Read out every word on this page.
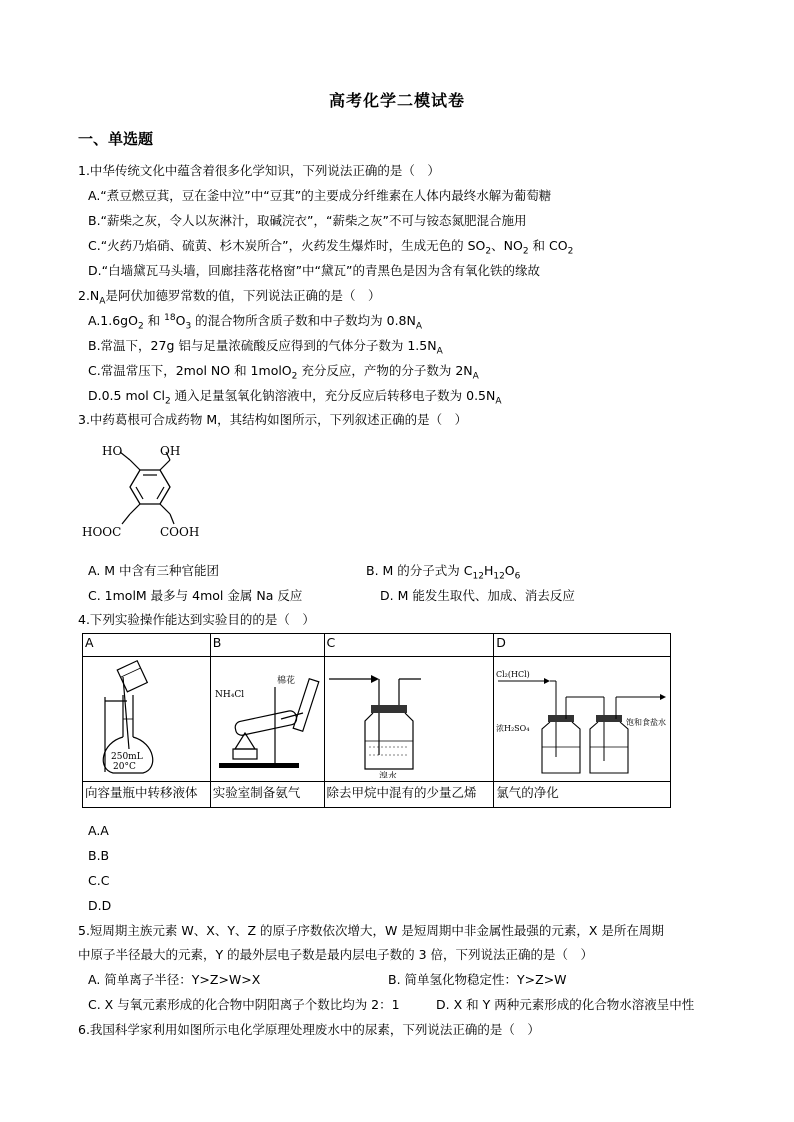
高考化学二模试卷
一、单选题
1.中华传统文化中蕴含着很多化学知识，下列说法正确的是（　）
A.“煮豆燃豆萁，豆在釜中泣”中“豆萁”的主要成分纤维素在人体内最终水解为葡萄糖
B.“薪柴之灰，令人以灰淋汁，取碱浣衣”，“薪柴之灰”不可与铵态氮肥混合施用
C.“火药乃焰硝、硫黄、杉木炭所合”，火药发生爆炸时，生成无色的 $SO_2$、$NO_2$ 和 $CO_2$
D.“白墙黛瓦马头墙，回廊挂落花格窗”中“黛瓦”的青黑色是因为含有氧化铁的缘故
$2.N_A$是阿伏加德罗常数的值，下列说法正确的是（　）
$A.1.6gO_2$ 和 $^{18}O_3$ 的混合物所含质子数和中子数均为 $0.8N_A$
B.常温下，27g 铝与足量浓硫酸反应得到的气体分子数为 $1.5N_A$
C.常温常压下，2mol NO 和 1molO$_2$ 充分反应，产物的分子数为 $2N_A$
D.0.5 mol $Cl_2$ 通入足量氢氧化钠溶液中，充分反应后转移电子数为 $0.5N_A$
3.中药葛根可合成药物 M，其结构如图所示，下列叙述正确的是（　）
HO	OH
HOOC	COOH
A. M 中含有三种官能团	B. M 的分子式为 $C_{12}H_{12}O_6$
C. 1molM 最多与 4mol 金属 Na 反应	D. M 能发生取代、加成、消去反应
4.下列实验操作能达到实验目的的是（　）
A	B	C	D

250mL
20°C	NH₄Cl
棉花	溴水	Cl₂(HCl)
浓H₂SO₄
饱和食盐水

向容量瓶中转移液体	实验室制备氨气	除去甲烷中混有的少量乙烯	氯气的净化
A.A
B.B
C.C
D.D
5.短周期主族元素 W、X、Y、Z 的原子序数依次增大，W 是短周期中非金属性最强的元素，X 是所在周期
中原子半径最大的元素，Y 的最外层电子数是最内层电子数的 3 倍，下列说法正确的是（　）
A. 简单离子半径：Y>Z>W>X	B. 简单氢化物稳定性：Y>Z>W
C. X 与氧元素形成的化合物中阴阳离子个数比均为 2：1	D. X 和 Y 两种元素形成的化合物水溶液呈中性
6.我国科学家利用如图所示电化学原理处理废水中的尿素，下列说法正确的是（　）
